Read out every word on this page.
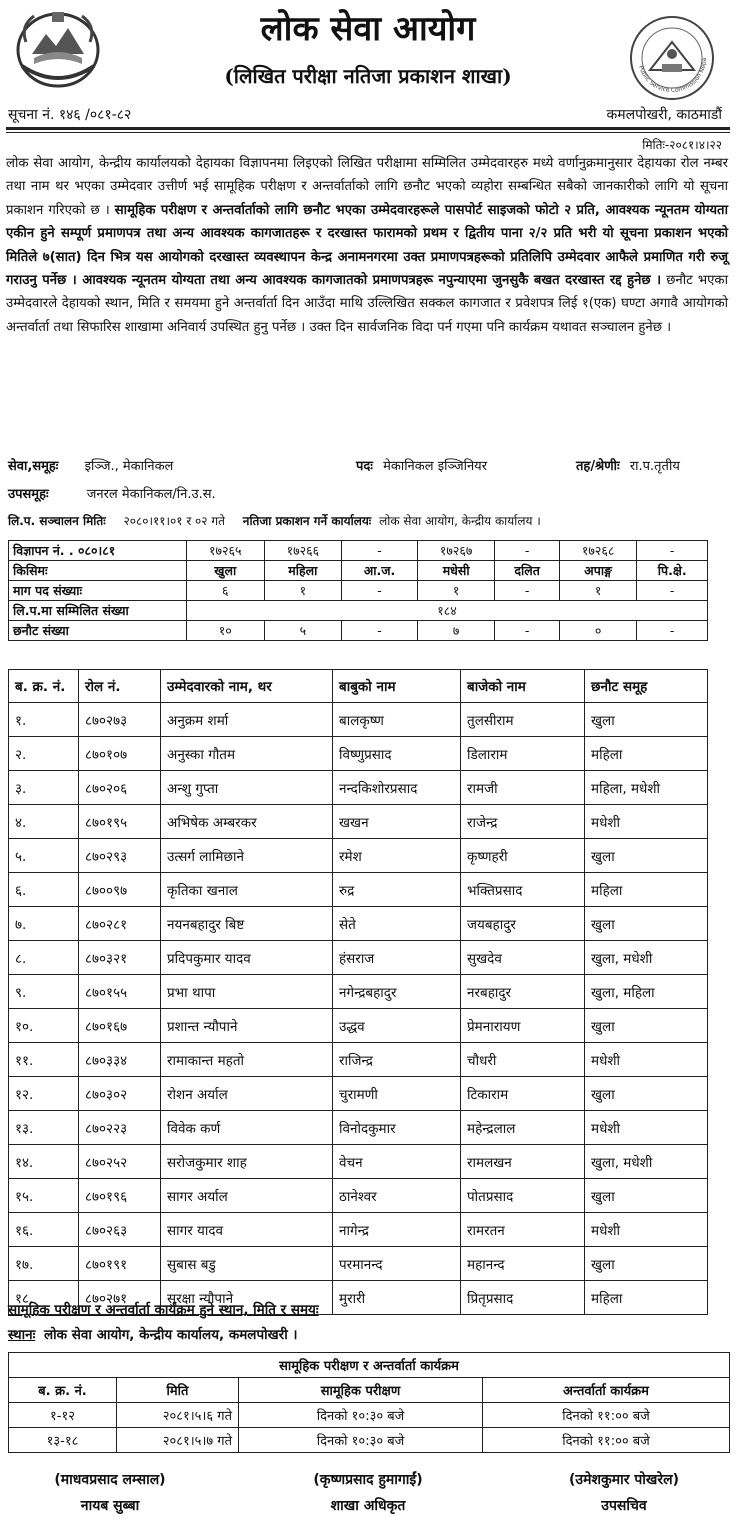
लोक सेवा आयोग
(लिखित परीक्षा नतिजा प्रकाशन शाखा)	Public Service Commission Nepa
सूचना नं. १४६ /०८१-८२	कमलपोखरी, काठमाडौं
मितिः-२०८१।४।२२
लोक सेवा आयोग, केन्द्रीय कार्यालयको देहायका विज्ञापनमा लिइएको लिखित परीक्षामा सम्मिलित उम्मेदवारहरु मध्ये वर्णानुक्रमानुसार देहायका रोल नम्बर तथा नाम थर भएका उम्मेदवार उत्तीर्ण भई सामूहिक परीक्षण र अन्तर्वार्ताको लागि छनौट भएको व्यहोरा सम्बन्धित सबैको जानकारीको लागि यो सूचना प्रकाशन गरिएको छ । सामूहिक परीक्षण र अन्तर्वार्ताको लागि छनौट भएका उम्मेदवारहरूले पासपोर्ट साइजको फोटो २ प्रति, आवश्यक न्यूनतम योग्यता एकीन हुने सम्पूर्ण प्रमाणपत्र तथा अन्य आवश्यक कागजातहरू र दरखास्त फारामको प्रथम र द्वितीय पाना २/२ प्रति भरी यो सूचना प्रकाशन भएको मितिले ७(सात) दिन भित्र यस आयोगको दरखास्त व्यवस्थापन केन्द्र अनामनगरमा उक्त प्रमाणपत्रहरूको प्रतिलिपि उम्मेदवार आफैले प्रमाणित गरी रुजू गराउनु पर्नेछ । आवश्यक न्यूनतम योग्यता तथा अन्य आवश्यक कागजातको प्रमाणपत्रहरू नपुन्याएमा जुनसुकै बखत दरखास्त रद्द हुनेछ । छनौट भएका उम्मेदवारले देहायको स्थान, मिति र समयमा हुने अन्तर्वार्ता दिन आउँदा माथि उल्लिखित सक्कल कागजात र प्रवेशपत्र लिई १(एक) घण्टा अगावै आयोगको अन्तर्वार्ता तथा सिफारिस शाखामा अनिवार्य उपस्थित हुनु पर्नेछ । उक्त दिन सार्वजनिक विदा पर्न गएमा पनि कार्यक्रम यथावत सञ्चालन हुनेछ ।
सेवा,समूहः इञ्जि., मेकानिकल	पदः मेकानिकल इञ्जिनियर	तह/श्रेणीः रा.प.तृतीय
उपसमूहः	जनरल मेकानिकल/नि.उ.स.
लि.प. सञ्चालन मितिः २०८०।११।०१ र ०२ गते नतिजा प्रकाशन गर्ने कार्यालयः लोक सेवा आयोग, केन्द्रीय कार्यालय ।
विज्ञापन नं. . ०८०।८१	१७२६५	१७२६६	-	१७२६७	-	१७२६८	-
किसिमः	खुला	महिला	आ.ज.	मधेसी	दलित	अपाङ्ग	पि.क्षे.
माग पद संख्याः	६	१	-	१	-	१	-
लि.प.मा सम्मिलित संख्या	१८४						
छनौट संख्या	१०	५	-	७	-	०	-
ब. क्र. नं.	रोल नं.	उम्मेदवारको नाम, थर	बाबुको नाम	बाजेको नाम	छनौट समूह
१.	८७०२७३	अनुक्रम शर्मा	बालकृष्ण	तुलसीराम	खुला
२.	८७०१०७	अनुस्का गौतम	विष्णुप्रसाद	डिलाराम	महिला
३.	८७०२०६	अन्शु गुप्ता	नन्दकिशोरप्रसाद	रामजी	महिला, मधेशी
४.	८७०१९५	अभिषेक अम्बरकर	खखन	राजेन्द्र	मधेशी
५.	८७०२९३	उत्सर्ग लामिछाने	रमेश	कृष्णहरी	खुला
६.	८७००९७	कृतिका खनाल	रुद्र	भक्तिप्रसाद	महिला
७.	८७०२८१	नयनबहादुर बिष्ट	सेते	जयबहादुर	खुला
८.	८७०३२१	प्रदिपकुमार यादव	हंसराज	सुखदेव	खुला, मधेशी
९.	८७०१५५	प्रभा थापा	नगेन्द्रबहादुर	नरबहादुर	खुला, महिला
१०.	८७०१६७	प्रशान्त न्यौपाने	उद्धव	प्रेमनारायण	खुला
११.	८७०३३४	रामाकान्त महतो	राजिन्द्र	चौधरी	मधेशी
१२.	८७०३०२	रोशन अर्याल	चुरामणी	टिकाराम	खुला
१३.	८७०२२३	विवेक कर्ण	विनोदकुमार	महेन्द्रलाल	मधेशी
१४.	८७०२५२	सरोजकुमार शाह	वेचन	रामलखन	खुला, मधेशी
१५.	८७०१९६	सागर अर्याल	ठानेश्वर	पोतप्रसाद	खुला
१६.	८७०२६३	सागर यादव	नागेन्द्र	रामरतन	मधेशी
१७.	८७०१९१	सुबास बडु	परमानन्द	महानन्द	खुला
१८.	८७०२७१	सुरक्षा न्यौपाने	मुरारी	प्रितृप्रसाद	महिला
सामूहिक परीक्षण र अन्तर्वार्ता कार्यक्रम हुने स्थान, मिति र समयः
स्थानः लोक सेवा आयोग, केन्द्रीय कार्यालय, कमलपोखरी ।
सामूहिक परीक्षण र अन्तर्वार्ता कार्यक्रम			
ब. क्र. नं.	मिति	सामूहिक परीक्षण	अन्तर्वार्ता कार्यक्रम
१-१२	२०८१।५।६ गते	दिनको १०:३० बजे	दिनको ११:०० बजे
१३-१८	२०८१।५।७ गते	दिनको १०:३० बजे	दिनको ११:०० बजे
(माधवप्रसाद लम्साल)
नायब सुब्बा
(कृष्णप्रसाद हुमागाईं)
शाखा अधिकृत
(उमेशकुमार पोखरेल)
उपसचिव
